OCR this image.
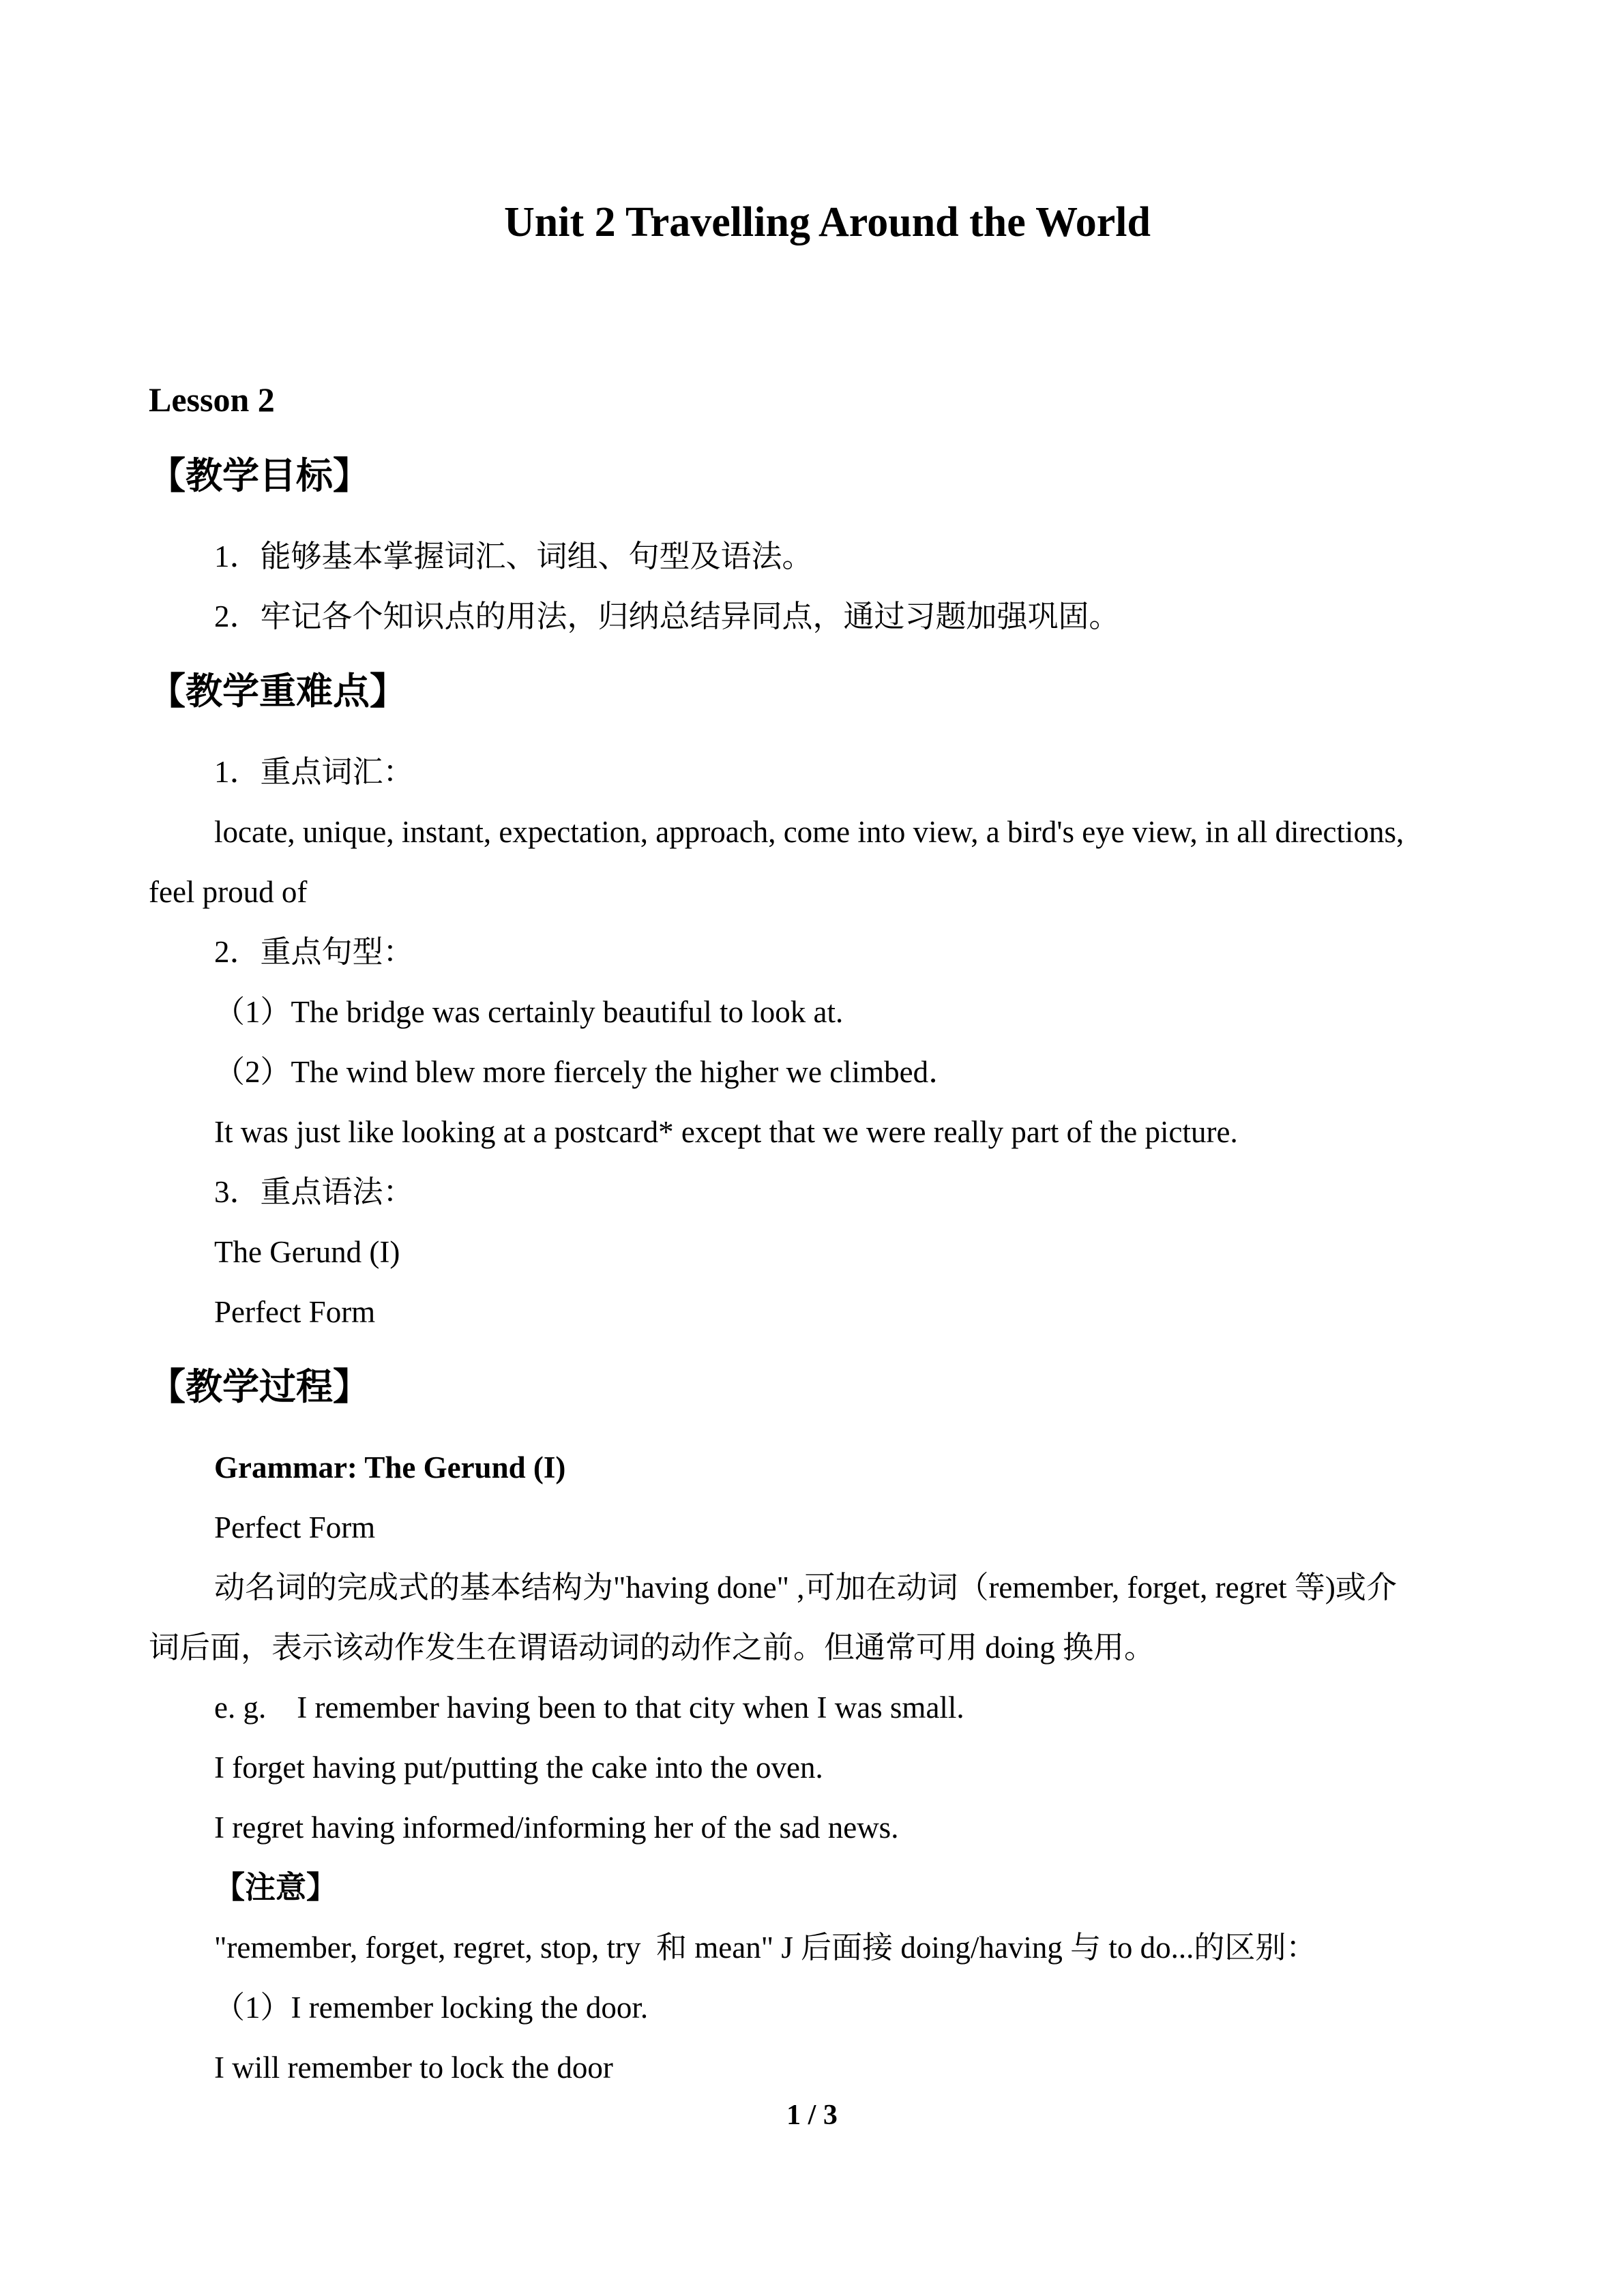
Unit 2 Travelling Around the World
Lesson 2
【教学目标】
1．能够基本掌握词汇、词组、句型及语法。
2．牢记各个知识点的用法，归纳总结异同点，通过习题加强巩固。
【教学重难点】
1．重点词汇：
locate, unique, instant, expectation, approach, come into view, a bird's eye view, in all directions,
feel proud of
2．重点句型：
（1）The bridge was certainly beautiful to look at.
（2）The wind blew more fiercely the higher we climbed．
It was just like looking at a postcard* except that we were really part of the picture.
3．重点语法：
The Gerund (I)
Perfect Form
【教学过程】
Grammar: The Gerund (I)
Perfect Form
动名词的完成式的基本结构为"having done" ,可加在动词（remember, forget, regret 等)或介
词后面，表示该动作发生在谓语动词的动作之前。但通常可用 doing 换用。
e. g.　I remember having been to that city when I was small.
I forget having put/putting the cake into the oven.
I regret having informed/informing her of the sad news.
【注意】
"remember, forget, regret, stop, try  和 mean" J 后面接 doing/having 与 to do...的区别：
（1）I remember locking the door.
I will remember to lock the door
1 / 3
